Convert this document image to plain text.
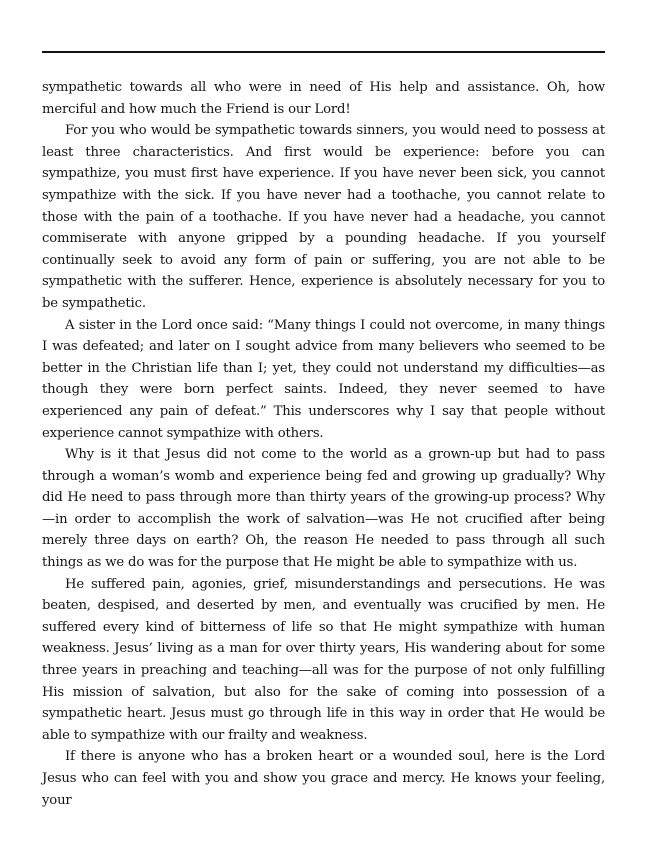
sympathetic towards all who were in need of His help and assistance. Oh, how merciful and how much the Friend is our Lord!

For you who would be sympathetic towards sinners, you would need to possess at least three characteristics. And first would be experience: before you can sympathize, you must first have experience. If you have never been sick, you cannot sympathize with the sick. If you have never had a toothache, you cannot relate to those with the pain of a toothache. If you have never had a headache, you cannot commiserate with anyone gripped by a pounding headache. If you yourself continually seek to avoid any form of pain or suffering, you are not able to be sympathetic with the sufferer. Hence, experience is absolutely necessary for you to be sympathetic.

A sister in the Lord once said: “Many things I could not overcome, in many things I was defeated; and later on I sought advice from many believers who seemed to be better in the Christian life than I; yet, they could not understand my difficulties—as though they were born perfect saints. Indeed, they never seemed to have experienced any pain of defeat.” This underscores why I say that people without experience cannot sympathize with others.

Why is it that Jesus did not come to the world as a grown-up but had to pass through a woman’s womb and experience being fed and growing up gradually? Why did He need to pass through more than thirty years of the growing-up process? Why—in order to accomplish the work of salvation—was He not crucified after being merely three days on earth? Oh, the reason He needed to pass through all such things as we do was for the purpose that He might be able to sympathize with us.

He suffered pain, agonies, grief, misunderstandings and persecutions. He was beaten, despised, and deserted by men, and eventually was crucified by men. He suffered every kind of bitterness of life so that He might sympathize with human weakness. Jesus’ living as a man for over thirty years, His wandering about for some three years in preaching and teaching—all was for the purpose of not only fulfilling His mission of salvation, but also for the sake of coming into possession of a sympathetic heart. Jesus must go through life in this way in order that He would be able to sympathize with our frailty and weakness.

If there is anyone who has a broken heart or a wounded soul, here is the Lord Jesus who can feel with you and show you grace and mercy. He knows your feeling, your
